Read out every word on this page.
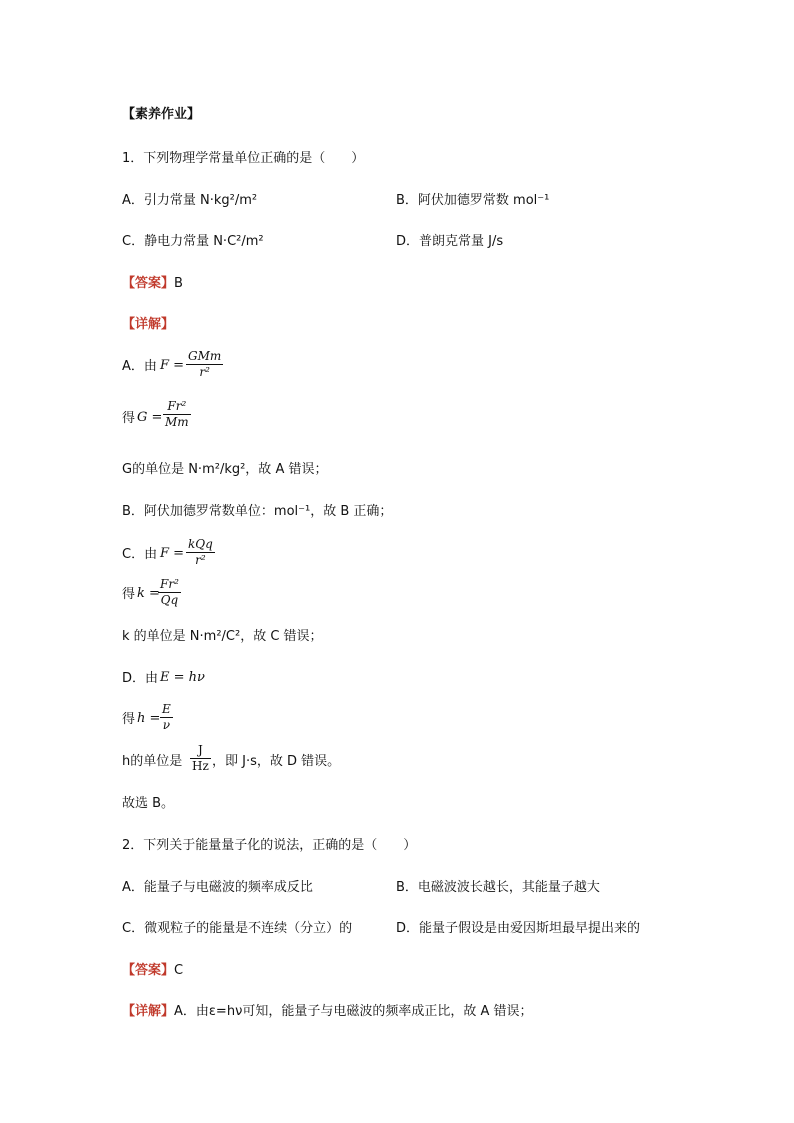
【素养作业】
1．下列物理学常量单位正确的是（　　）
A．引力常量 N·kg²/m²	B．阿伏加德罗常数 mol⁻¹
C．静电力常量 N·C²/m²	D．普朗克常量 J/s
【答案】B
【详解】
A．由 F =
GMm
r²
得 G =
Fr²
Mm
G的单位是 N·m²/kg²，故 A 错误；
B．阿伏加德罗常数单位：mol⁻¹，故 B 正确；
C．由 F =
kQq
r²
得 k =
Fr²
Qq
k 的单位是 N·m²/C²，故 C 错误；
D．由 E = hν
得 h =
E
ν
h的单位是
J
Hz ，即 J·s，故 D 错误。
故选 B。
2．下列关于能量量子化的说法，正确的是（　　）
A．能量子与电磁波的频率成反比	B．电磁波波长越长，其能量子越大
C．微观粒子的能量是不连续（分立）的	D．能量子假设是由爱因斯坦最早提出来的
【答案】C
【详解】A．由ε=hν可知，能量子与电磁波的频率成正比，故 A 错误；
